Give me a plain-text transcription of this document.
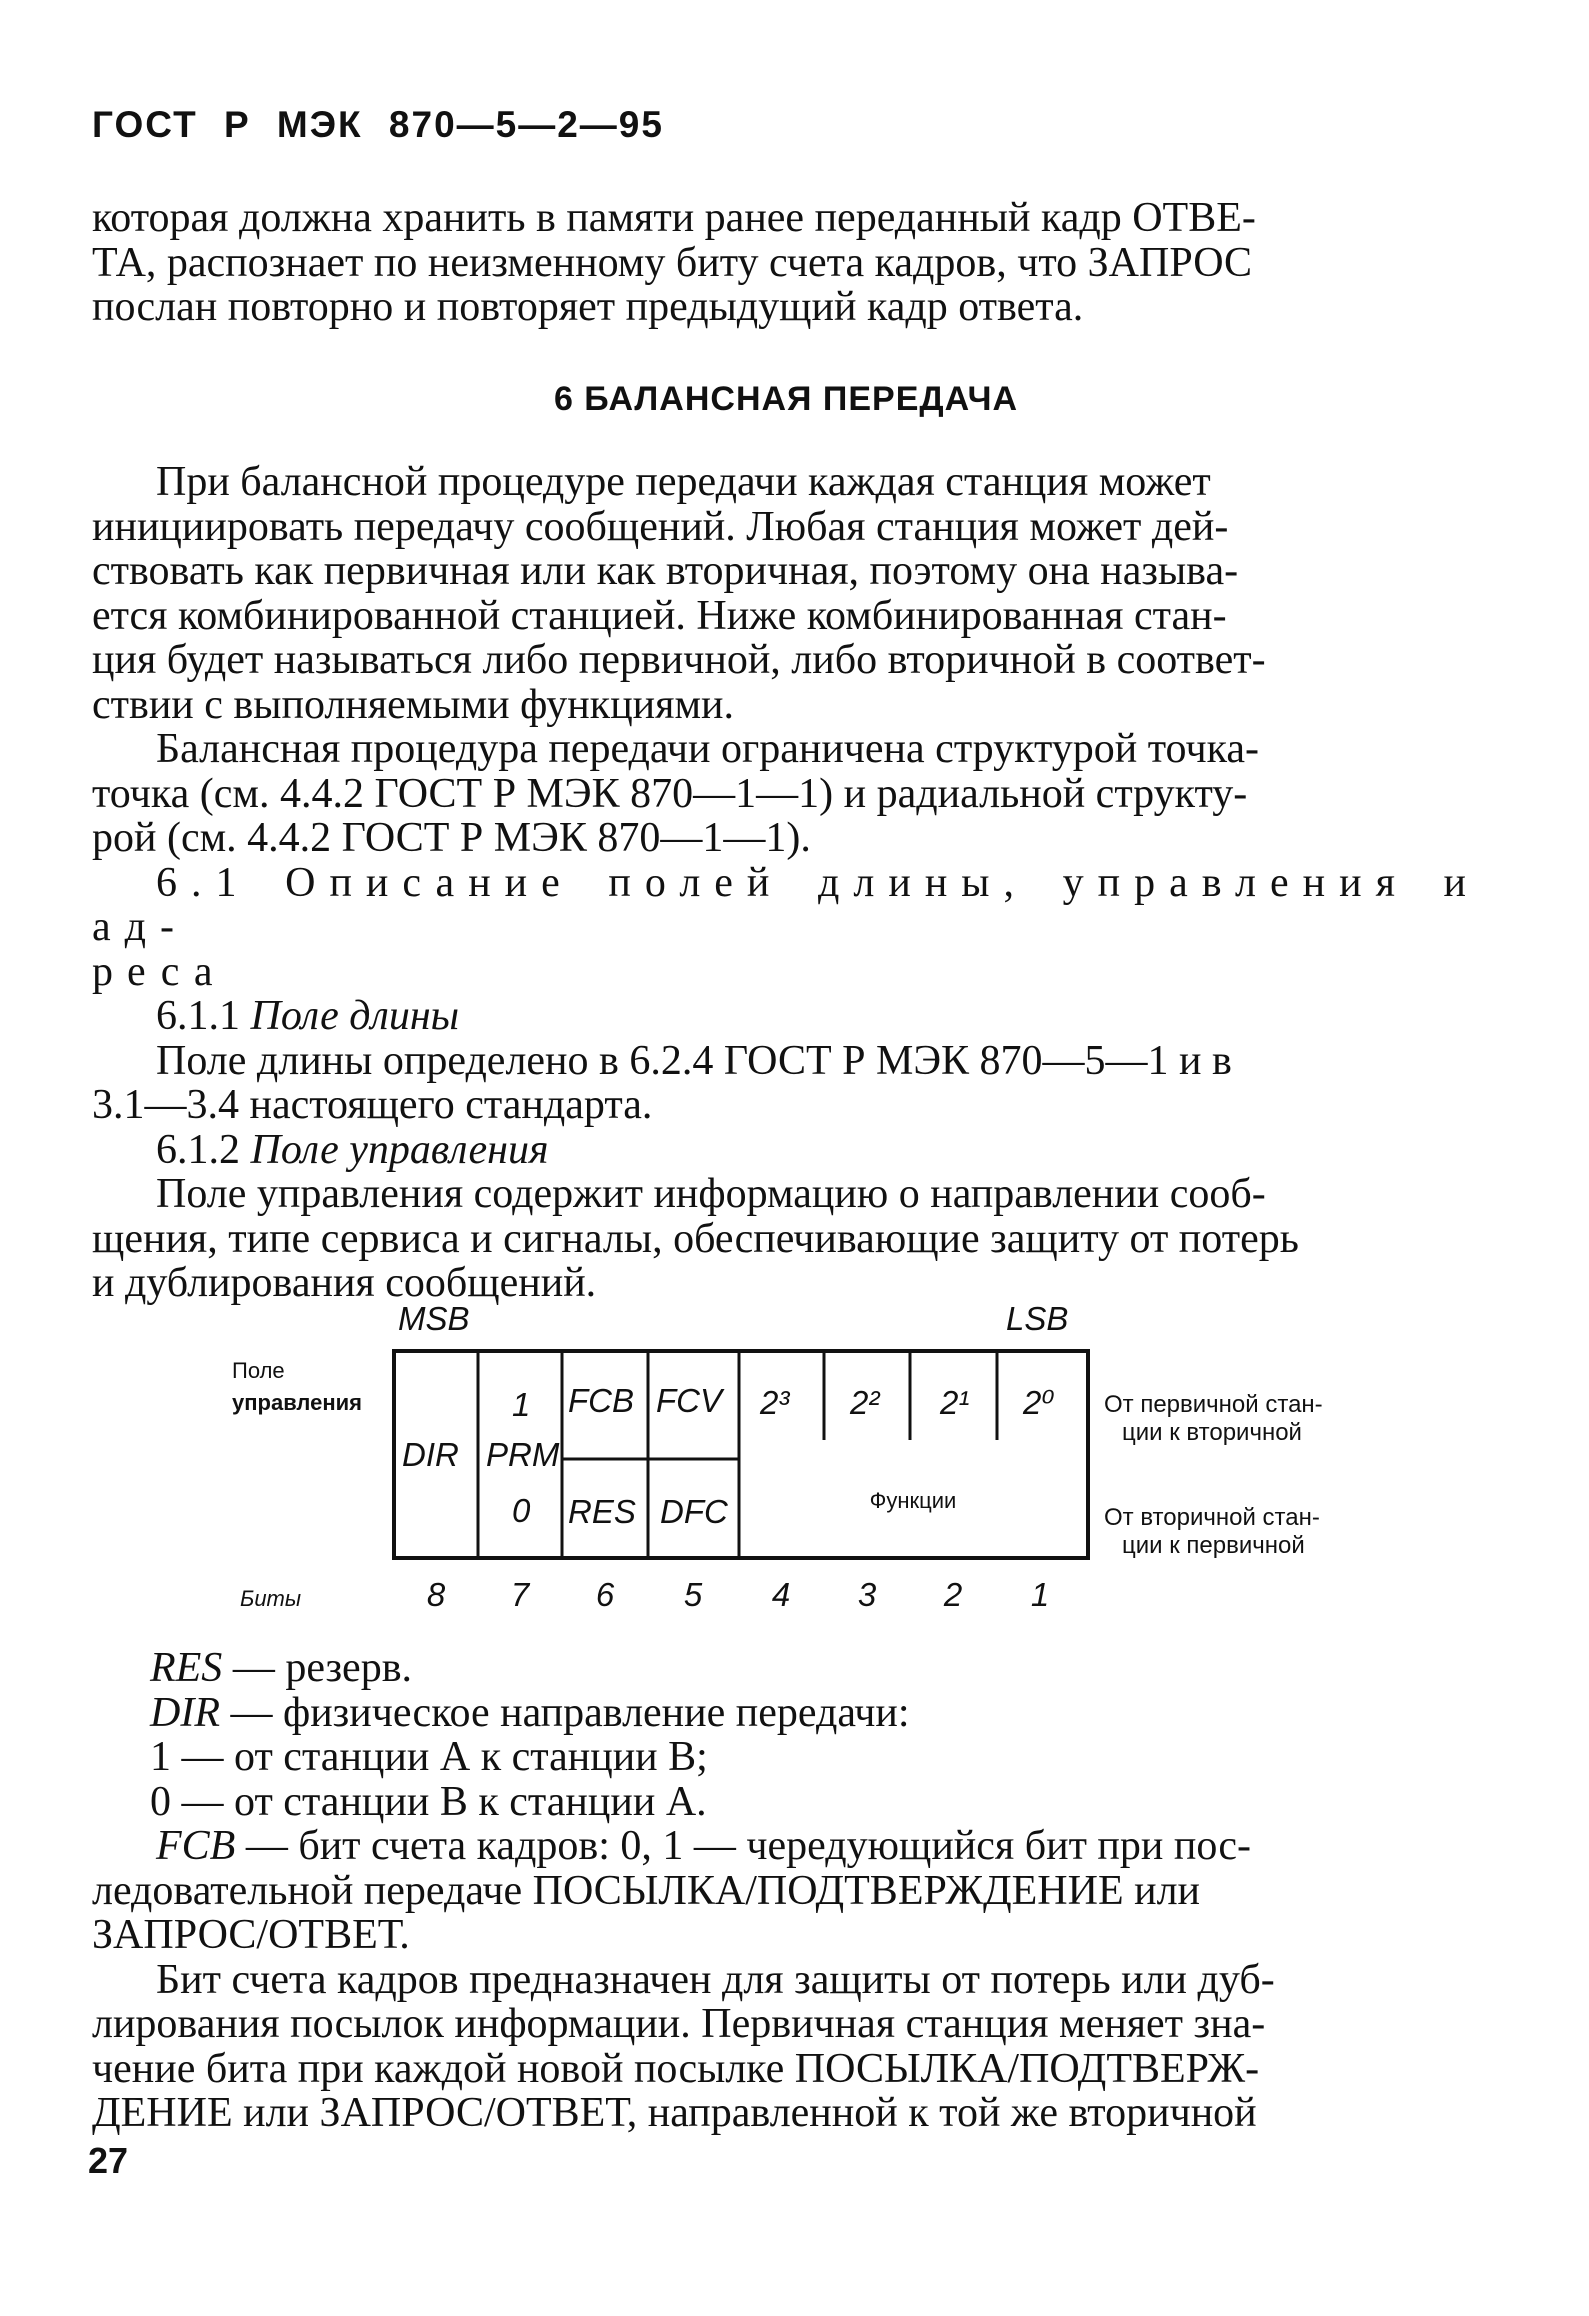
ГОСТ Р МЭК 870—5—2—95

которая должна хранить в памяти ранее переданный кадр ОТВЕ-

ТА, распознает по неизменному биту счета кадров, что ЗАПРОС

послан повторно и повторяет предыдущий кадр ответа.

6 БАЛАНСНАЯ ПЕРЕДАЧА

При балансной процедуре передачи каждая станция может

инициировать передачу сообщений. Любая станция может дей-

ствовать как первичная или как вторичная, поэтому она называ-

ется комбинированной станцией. Ниже комбинированная стан-

ция будет называться либо первичной, либо вторичной в соответ-

ствии с выполняемыми функциями.

Балансная процедура передачи ограничена структурой точка-

точка (см. 4.4.2 ГОСТ Р МЭК 870—1—1) и радиальной структу-

рой (см. 4.4.2 ГОСТ Р МЭК 870—1—1).

6.1 Описание полей длины, управления и ад-

реса

6.1.1 Поле длины

Поле длины определено в 6.2.4 ГОСТ Р МЭК 870—5—1 и в

3.1—3.4 настоящего стандарта.

6.1.2 Поле управления

Поле управления содержит информацию о направлении сооб-

щения, типе сервиса и сигналы, обеспечивающие защиту от потерь

и дублирования сообщений.

MSB	LSB
Поле
управления
DIR
1
PRM
0
FCB FCV
RES DFC
2³ 2² 2¹ 2⁰
Функции
От первичной стан-
ции к вторичной
От вторичной стан-
ции к первичной
Биты	8 7 6 5 4 3 2 1
RES — резерв.
DIR — физическое направление передачи:
1 — от станции А к станции В;
0 — от станции В к станции А.

FCB — бит счета кадров: 0, 1 — чередующийся бит при пос-

ледовательной передаче ПОСЫЛКА/ПОДТВЕРЖДЕНИЕ или

ЗАПРОС/ОТВЕТ.

Бит счета кадров предназначен для защиты от потерь или дуб-

лирования посылок информации. Первичная станция меняет зна-

чение бита при каждой новой посылке ПОСЫЛКА/ПОДТВЕРЖ-

ДЕНИЕ или ЗАПРОС/ОТВЕТ, направленной к той же вторичной

27
